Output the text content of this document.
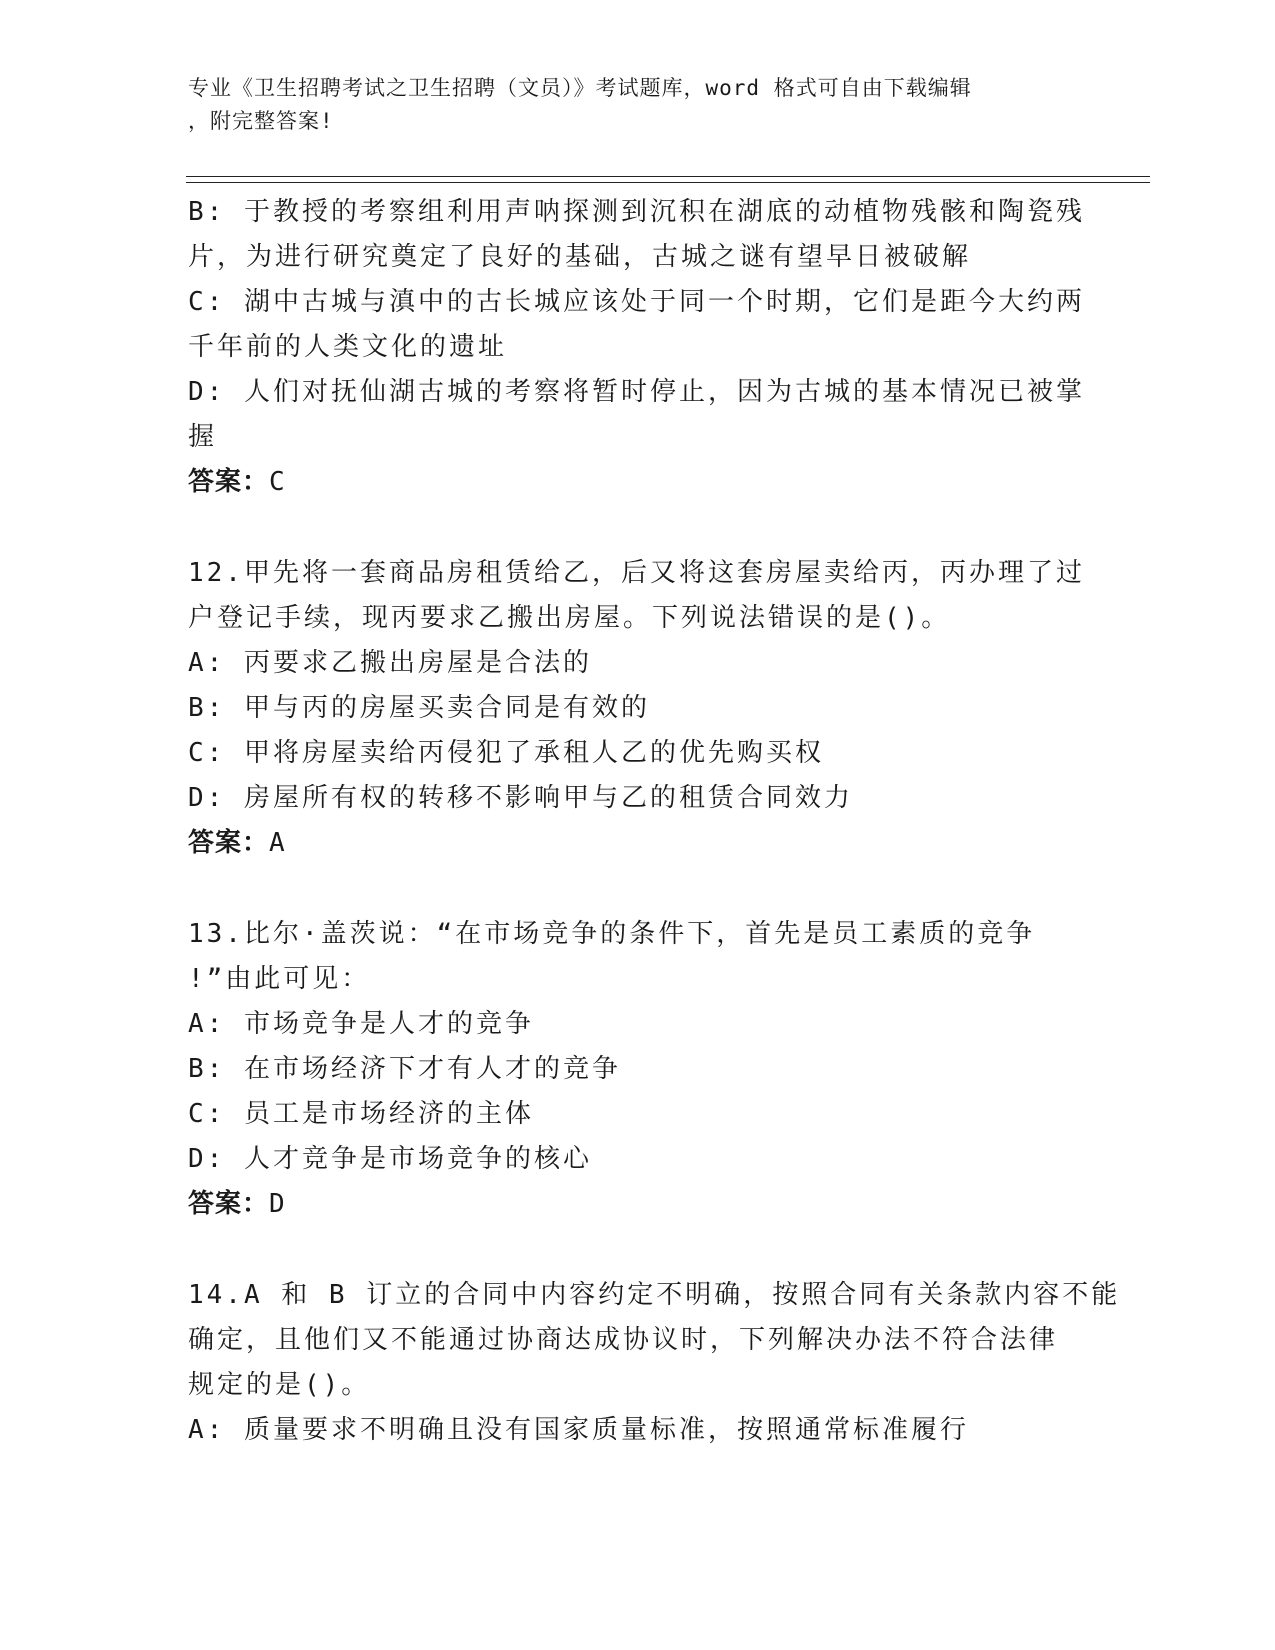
专业《卫生招聘考试之卫生招聘（文员）》考试题库，word 格式可自由下载编辑
，附完整答案!
B: 于教授的考察组利用声呐探测到沉积在湖底的动植物残骸和陶瓷残
片，为进行研究奠定了良好的基础，古城之谜有望早日被破解
C: 湖中古城与滇中的古长城应该处于同一个时期，它们是距今大约两
千年前的人类文化的遗址
D: 人们对抚仙湖古城的考察将暂时停止，因为古城的基本情况已被掌
握
答案：C
12.甲先将一套商品房租赁给乙，后又将这套房屋卖给丙，丙办理了过
户登记手续，现丙要求乙搬出房屋。下列说法错误的是()。
A: 丙要求乙搬出房屋是合法的
B: 甲与丙的房屋买卖合同是有效的
C: 甲将房屋卖给丙侵犯了承租人乙的优先购买权
D: 房屋所有权的转移不影响甲与乙的租赁合同效力
答案：A
13.比尔·盖茨说：“在市场竞争的条件下，首先是员工素质的竞争
!”由此可见：
A: 市场竞争是人才的竞争
B: 在市场经济下才有人才的竞争
C: 员工是市场经济的主体
D: 人才竞争是市场竞争的核心
答案：D
14.A 和 B 订立的合同中内容约定不明确，按照合同有关条款内容不能
确定，且他们又不能通过协商达成协议时，下列解决办法不符合法律
规定的是()。
A: 质量要求不明确且没有国家质量标准，按照通常标准履行
